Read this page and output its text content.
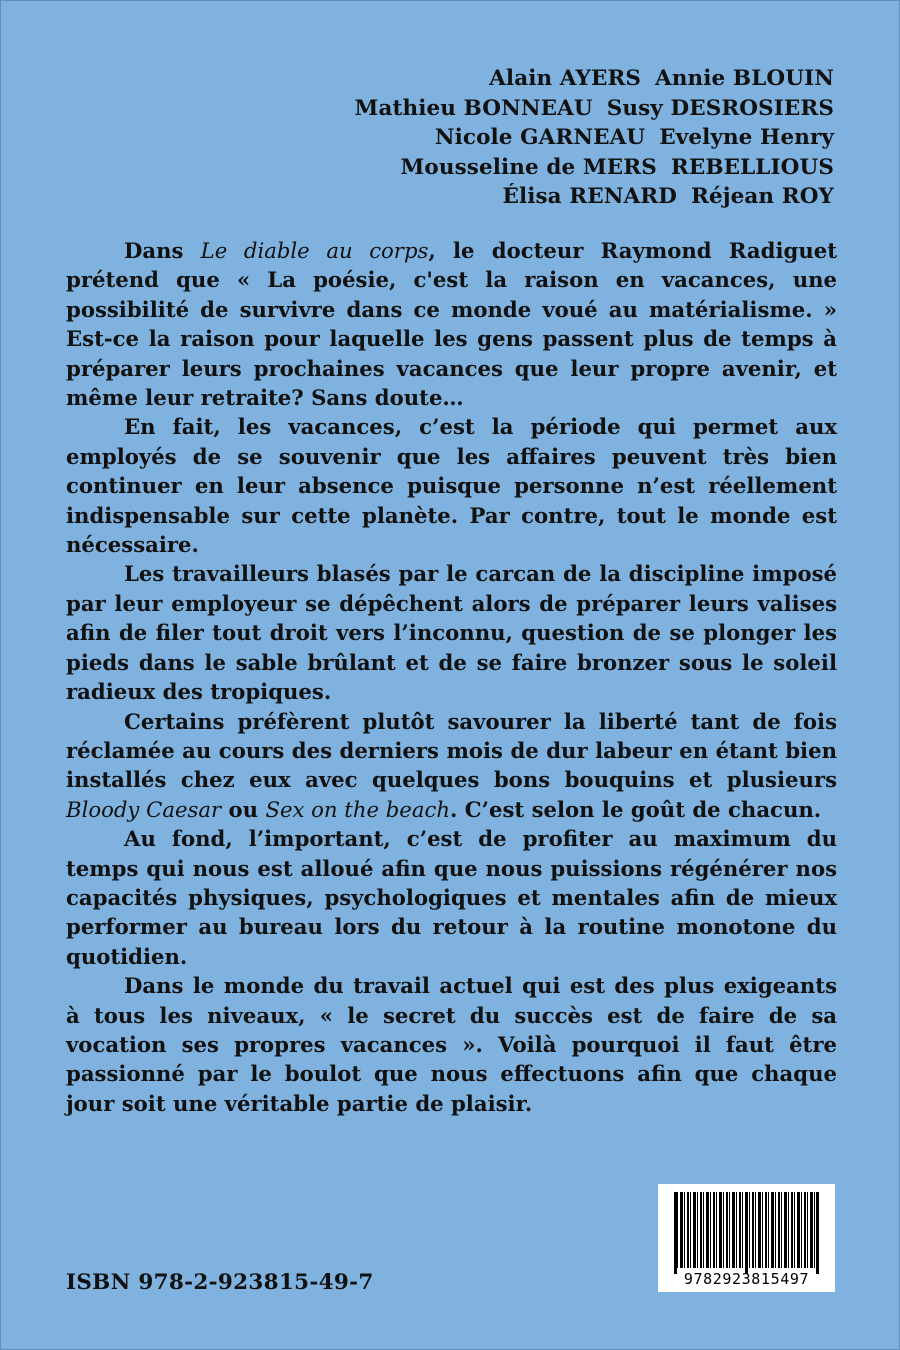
Alain AYERS Annie BLOUIN
Mathieu BONNEAU Susy DESROSIERS
Nicole GARNEAU Evelyne Henry
Mousseline de MERS REBELLIOUS
Élisa RENARD Réjean ROY

Dans Le diable au corps, le docteur Raymond Radiguet prétend que « La poésie, c'est la raison en vacances, une possibilité de survivre dans ce monde voué au matérialisme. » Est-ce la raison pour laquelle les gens passent plus de temps à préparer leurs prochaines vacances que leur propre avenir, et même leur retraite? Sans doute…

En fait, les vacances, c’est la période qui permet aux employés de se souvenir que les affaires peuvent très bien continuer en leur absence puisque personne n’est réellement indispensable sur cette planète. Par contre, tout le monde est nécessaire.

Les travailleurs blasés par le carcan de la discipline imposé par leur employeur se dépêchent alors de préparer leurs valises afin de filer tout droit vers l’inconnu, question de se plonger les pieds dans le sable brûlant et de se faire bronzer sous le soleil radieux des tropiques.

Certains préfèrent plutôt savourer la liberté tant de fois réclamée au cours des derniers mois de dur labeur en étant bien installés chez eux avec quelques bons bouquins et plusieurs Bloody Caesar ou Sex on the beach. C’est selon le goût de chacun.

Au fond, l’important, c’est de profiter au maximum du temps qui nous est alloué afin que nous puissions régénérer nos capacités physiques, psychologiques et mentales afin de mieux performer au bureau lors du retour à la routine monotone du quotidien.

Dans le monde du travail actuel qui est des plus exigeants à tous les niveaux, « le secret du succès est de faire de sa vocation ses propres vacances ». Voilà pourquoi il faut être passionné par le boulot que nous effectuons afin que chaque jour soit une véritable partie de plaisir.

9782923815497
ISBN 978-2-923815-49-7
